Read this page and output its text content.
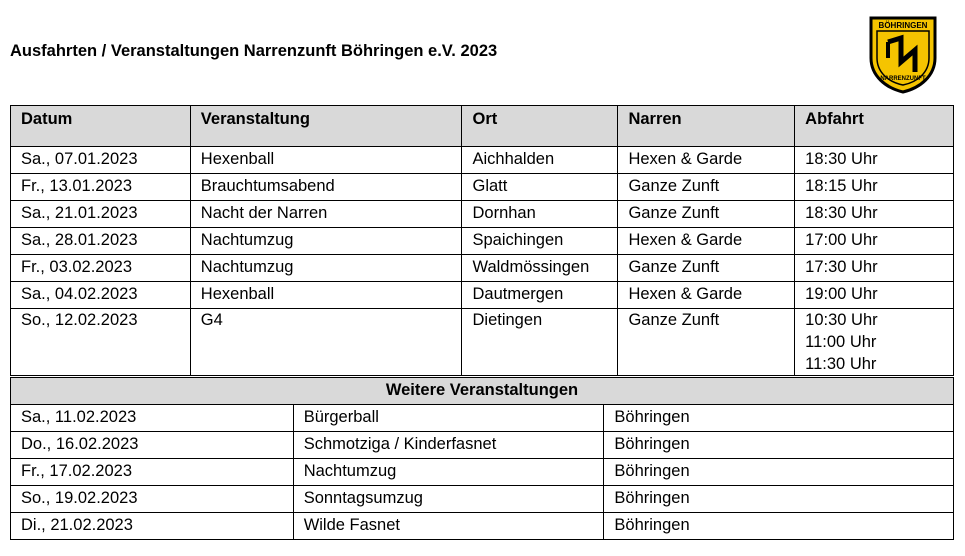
Ausfahrten / Veranstaltungen Narrenzunft Böhringen e.V. 2023
BÖHRINGEN
NARRENZUNFT
Datum	Veranstaltung	Ort	Narren	Abfahrt
Sa., 07.01.2023	Hexenball	Aichhalden	Hexen & Garde	18:30 Uhr
Fr., 13.01.2023	Brauchtumsabend	Glatt	Ganze Zunft	18:15 Uhr
Sa., 21.01.2023	Nacht der Narren	Dornhan	Ganze Zunft	18:30 Uhr
Sa., 28.01.2023	Nachtumzug	Spaichingen	Hexen & Garde	17:00 Uhr
Fr., 03.02.2023	Nachtumzug	Waldmössingen	Ganze Zunft	17:30 Uhr
Sa., 04.02.2023	Hexenball	Dautmergen	Hexen & Garde	19:00 Uhr
So., 12.02.2023	G4	Dietingen	Ganze Zunft	10:30 Uhr
11:00 Uhr
11:30 Uhr
Weitere Veranstaltungen		
Sa., 11.02.2023	Bürgerball	Böhringen
Do., 16.02.2023	Schmotziga / Kinderfasnet	Böhringen
Fr., 17.02.2023	Nachtumzug	Böhringen
So., 19.02.2023	Sonntagsumzug	Böhringen
Di., 21.02.2023	Wilde Fasnet	Böhringen
